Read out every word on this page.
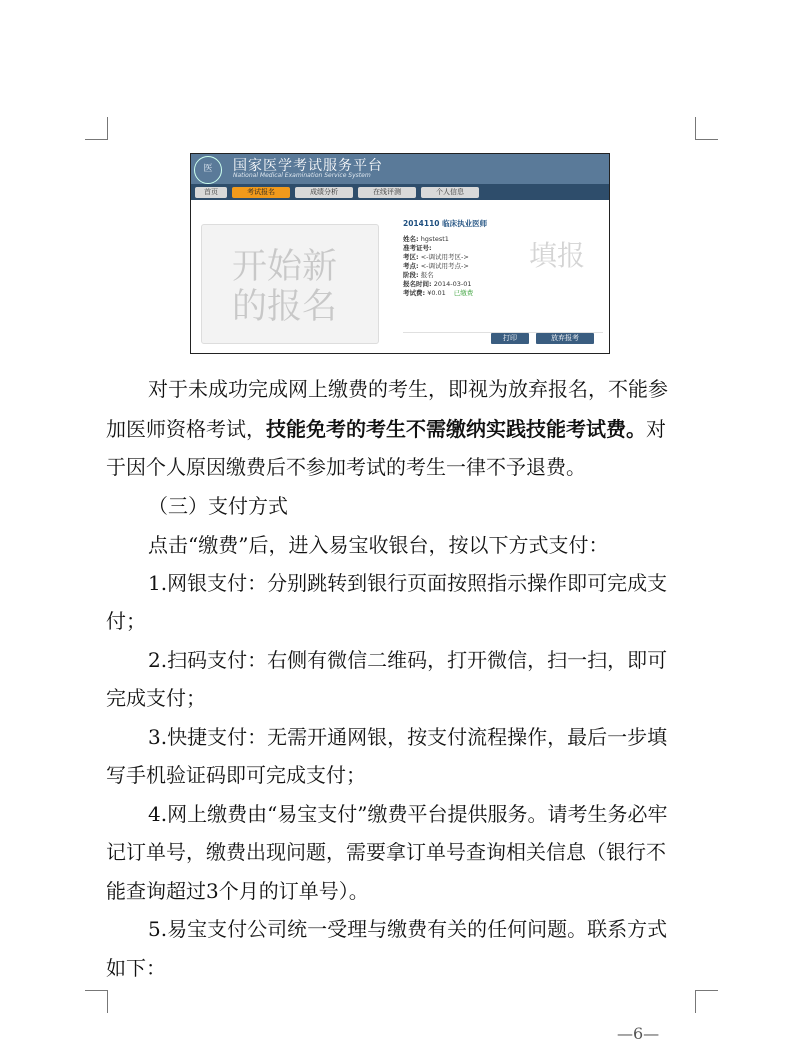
医	国家医学考试服务平台
National Medical Examination Service System
首页	考试报名	成绩分析	在线评测	个人信息
开始新的报名
2014110 临床执业医师
姓名: hgstest1
准考证号:
考区: <-调试用考区->
考点: <-调试用考点->
阶段: 报名
报名时间: 2014-03-01
考试费: ¥0.01 已缴费
填报
打印	放弃报考

对于未成功完成网上缴费的考生，即视为放弃报名，不能参

加医师资格考试，技能免考的考生不需缴纳实践技能考试费。对

于因个人原因缴费后不参加考试的考生一律不予退费。

（三）支付方式

点击“缴费”后，进入易宝收银台，按以下方式支付：

1.网银支付：分别跳转到银行页面按照指示操作即可完成支

付；

2.扫码支付：右侧有微信二维码，打开微信，扫一扫，即可

完成支付；

3.快捷支付：无需开通网银，按支付流程操作，最后一步填

写手机验证码即可完成支付；

4.网上缴费由“易宝支付”缴费平台提供服务。请考生务必牢

记订单号，缴费出现问题，需要拿订单号查询相关信息（银行不

能查询超过3个月的订单号）。

5.易宝支付公司统一受理与缴费有关的任何问题。联系方式

如下：

—6—
